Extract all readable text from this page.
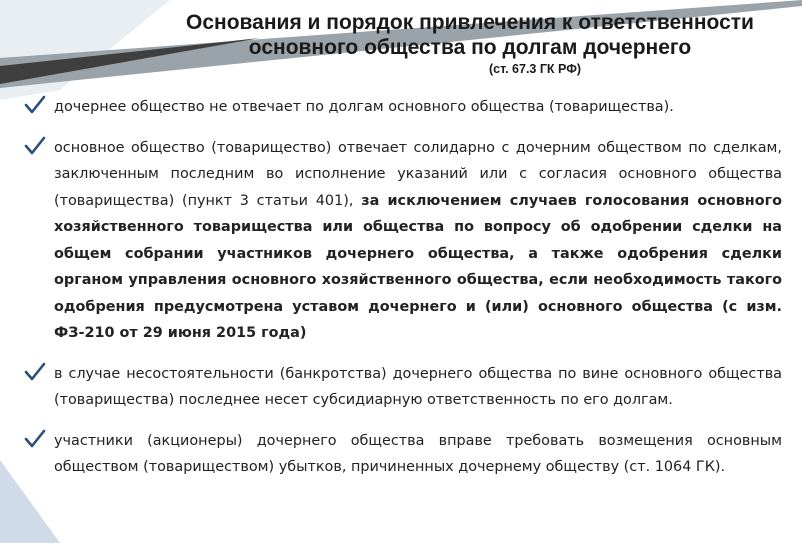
Основания и порядок привлечения к ответственности основного общества по долгам дочернего
(ст. 67.3 ГК РФ)
дочернее общество не отвечает по долгам основного общества (товарищества).
основное общество (товарищество) отвечает солидарно с дочерним обществом по сделкам, заключенным последним во исполнение указаний или с согласия основного общества (товарищества) (пункт 3 статьи 401), за исключением случаев голосования основного хозяйственного товарищества или общества по вопросу об одобрении сделки на общем собрании участников дочернего общества, а также одобрения сделки органом управления основного хозяйственного общества, если необходимость такого одобрения предусмотрена уставом дочернего и (или) основного общества (с изм. ФЗ-210 от 29 июня 2015 года)
в случае несостоятельности (банкротства) дочернего общества по вине основного общества (товарищества) последнее несет субсидиарную ответственность по его долгам.
участники (акционеры) дочернего общества вправе требовать возмещения основным обществом (товариществом) убытков, причиненных дочернему обществу (ст. 1064 ГК).
